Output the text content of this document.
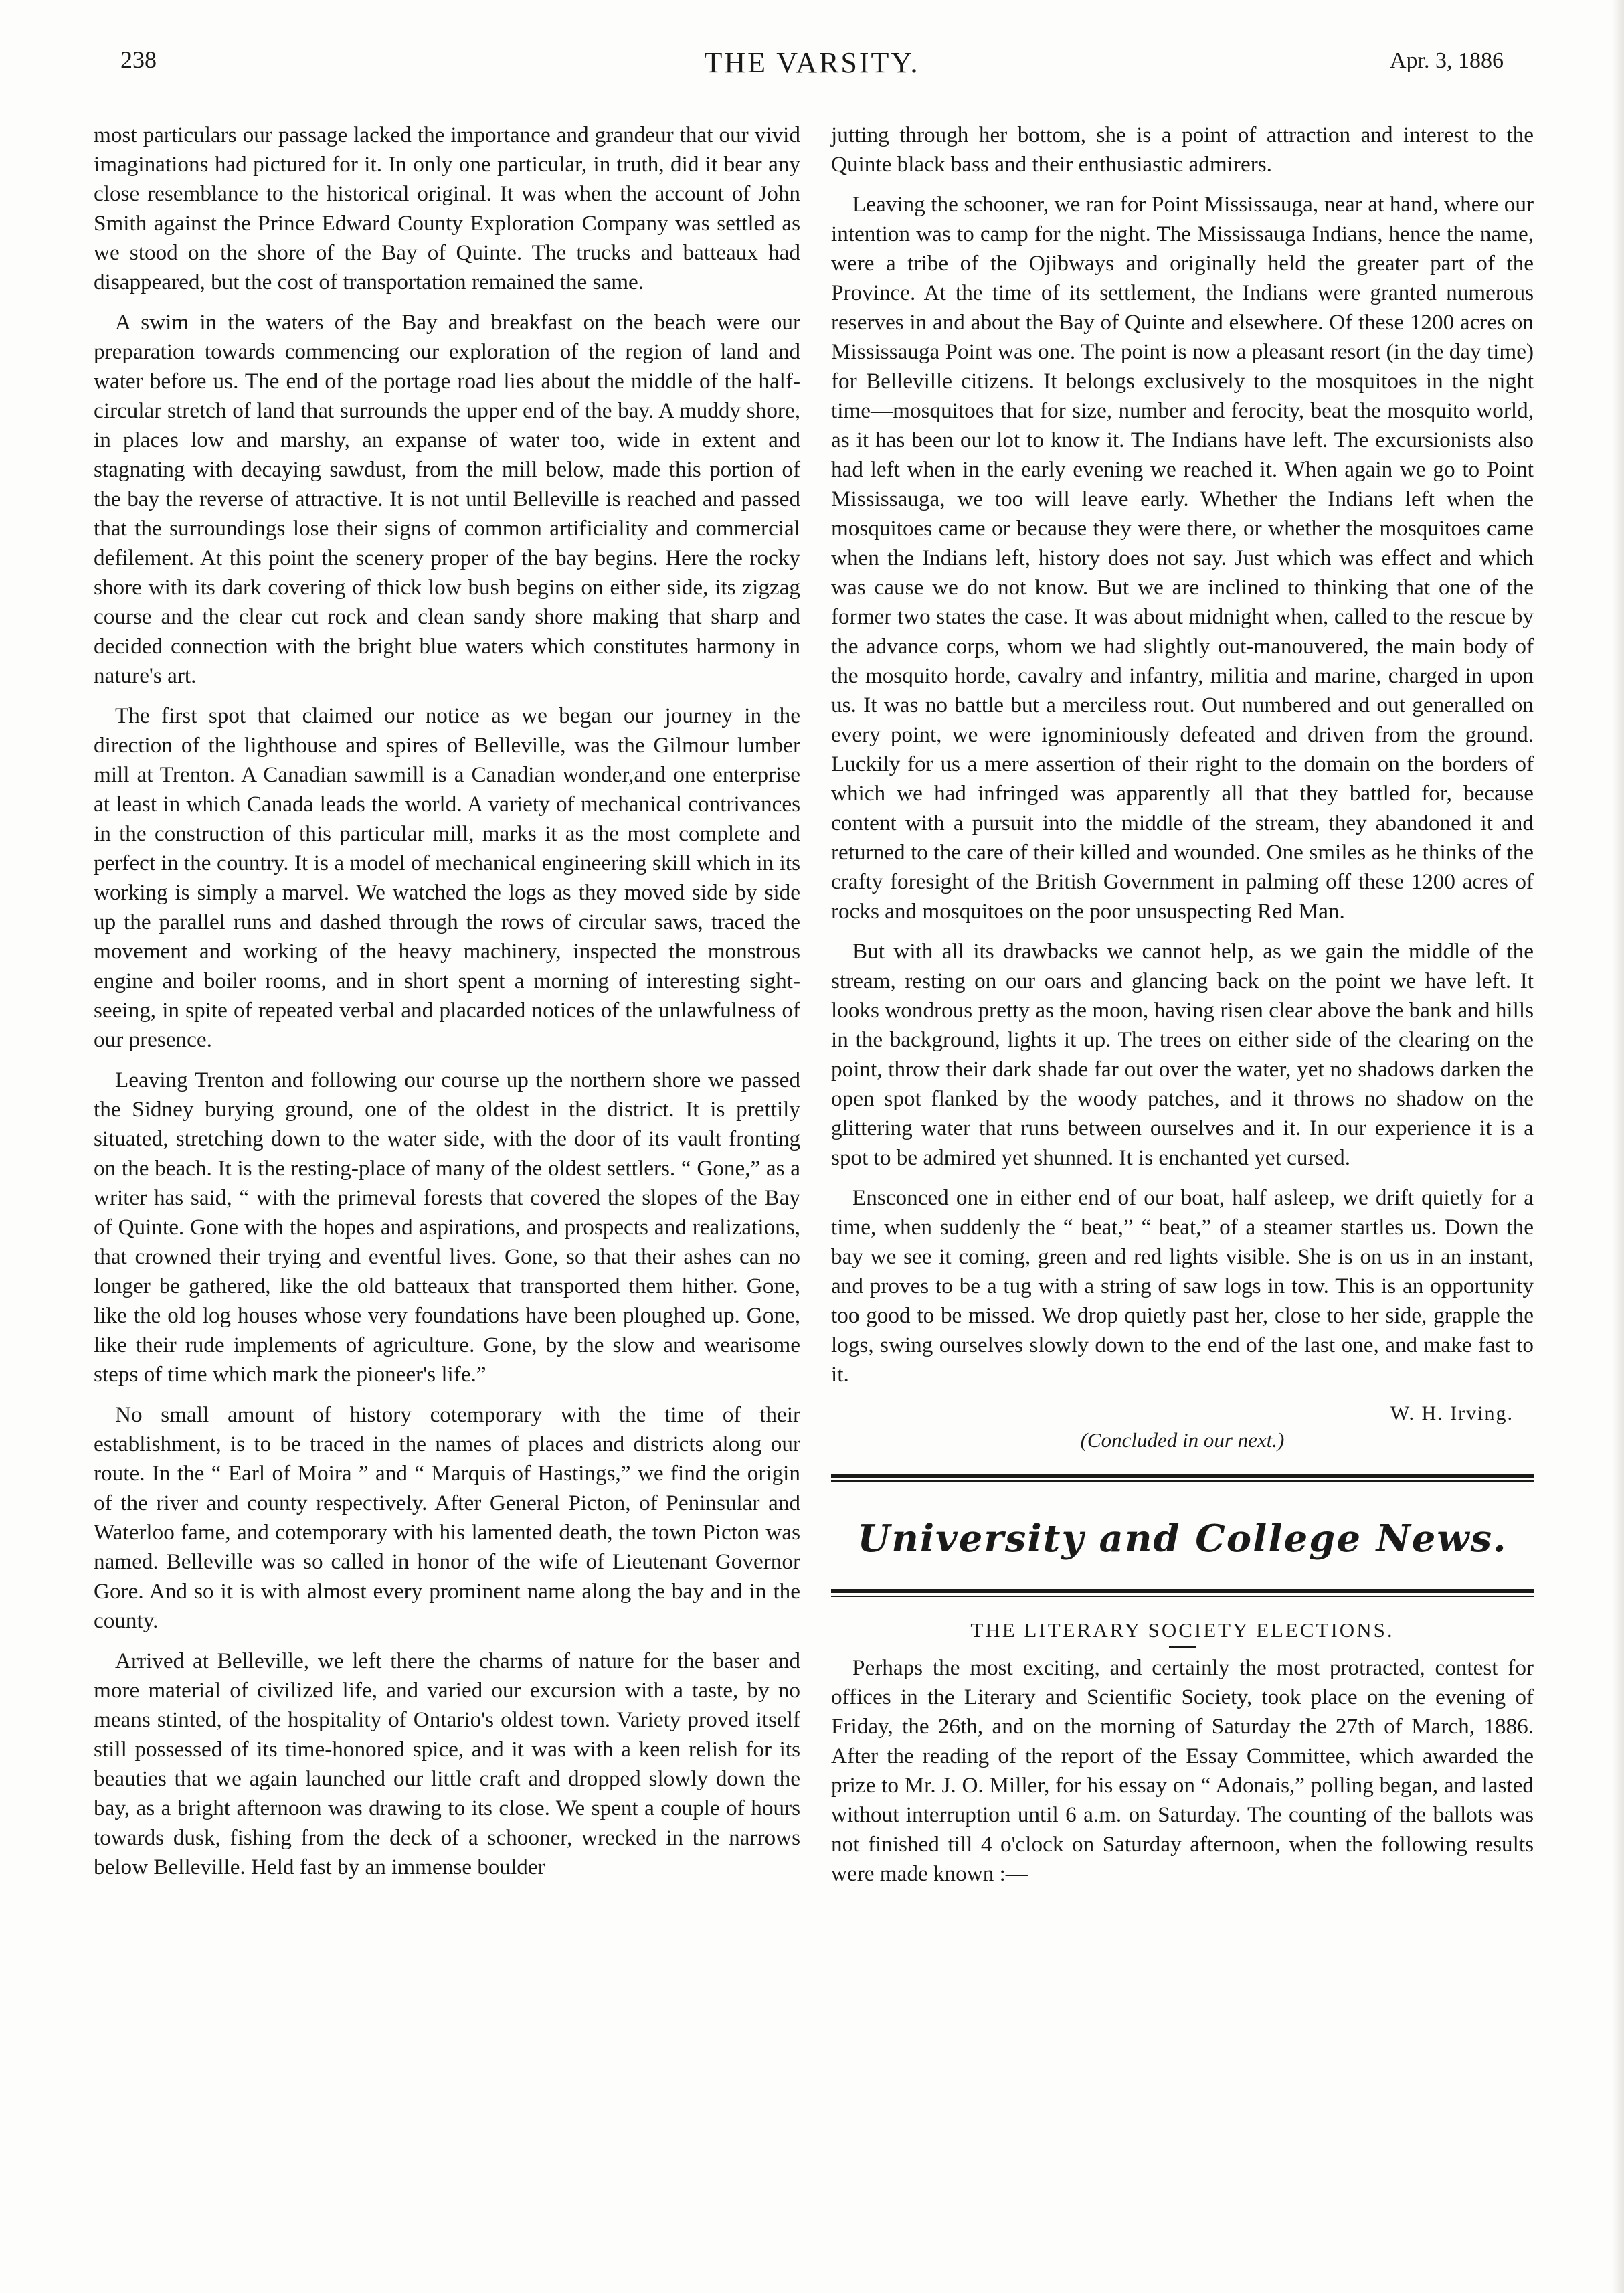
238	THE VARSITY.	Apr. 3, 1886

most particulars our passage lacked the importance and grandeur that our vivid imaginations had pictured for it. In only one particular, in truth, did it bear any close resemblance to the historical original. It was when the account of John Smith against the Prince Edward County Exploration Company was settled as we stood on the shore of the Bay of Quinte. The trucks and batteaux had disappeared, but the cost of transportation remained the same.

A swim in the waters of the Bay and breakfast on the beach were our preparation towards commencing our exploration of the region of land and water before us. The end of the portage road lies about the middle of the half-circular stretch of land that surrounds the upper end of the bay. A muddy shore, in places low and marshy, an expanse of water too, wide in extent and stagnating with decaying sawdust, from the mill below, made this portion of the bay the reverse of attractive. It is not until Belleville is reached and passed that the surroundings lose their signs of common artificiality and commercial defilement. At this point the scenery proper of the bay begins. Here the rocky shore with its dark covering of thick low bush begins on either side, its zigzag course and the clear cut rock and clean sandy shore making that sharp and decided connection with the bright blue waters which constitutes harmony in nature's art.

The first spot that claimed our notice as we began our journey in the direction of the lighthouse and spires of Belleville, was the Gilmour lumber mill at Trenton. A Canadian sawmill is a Canadian wonder,and one enterprise at least in which Canada leads the world. A variety of mechanical contrivances in the construction of this particular mill, marks it as the most complete and perfect in the country. It is a model of mechanical engineering skill which in its working is simply a marvel. We watched the logs as they moved side by side up the parallel runs and dashed through the rows of circular saws, traced the movement and working of the heavy machinery, inspected the monstrous engine and boiler rooms, and in short spent a morning of interesting sight-seeing, in spite of repeated verbal and placarded notices of the unlawfulness of our presence.

Leaving Trenton and following our course up the northern shore we passed the Sidney burying ground, one of the oldest in the district. It is prettily situated, stretching down to the water side, with the door of its vault fronting on the beach. It is the resting-place of many of the oldest settlers. “ Gone,” as a writer has said, “ with the primeval forests that covered the slopes of the Bay of Quinte. Gone with the hopes and aspirations, and prospects and realizations, that crowned their trying and eventful lives. Gone, so that their ashes can no longer be gathered, like the old batteaux that transported them hither. Gone, like the old log houses whose very foundations have been ploughed up. Gone, like their rude implements of agriculture. Gone, by the slow and wearisome steps of time which mark the pioneer's life.”

No small amount of history cotemporary with the time of their establishment, is to be traced in the names of places and districts along our route. In the “ Earl of Moira ” and “ Marquis of Hastings,” we find the origin of the river and county respectively. After General Picton, of Peninsular and Waterloo fame, and cotemporary with his lamented death, the town Picton was named. Belleville was so called in honor of the wife of Lieutenant Governor Gore. And so it is with almost every prominent name along the bay and in the county.

Arrived at Belleville, we left there the charms of nature for the baser and more material of civilized life, and varied our excursion with a taste, by no means stinted, of the hospitality of Ontario's oldest town. Variety proved itself still possessed of its time-honored spice, and it was with a keen relish for its beauties that we again launched our little craft and dropped slowly down the bay, as a bright afternoon was drawing to its close. We spent a couple of hours towards dusk, fishing from the deck of a schooner, wrecked in the narrows below Belleville. Held fast by an immense boulder

jutting through her bottom, she is a point of attraction and interest to the Quinte black bass and their enthusiastic admirers.

Leaving the schooner, we ran for Point Mississauga, near at hand, where our intention was to camp for the night. The Mississauga Indians, hence the name, were a tribe of the Ojibways and originally held the greater part of the Province. At the time of its settlement, the Indians were granted numerous reserves in and about the Bay of Quinte and elsewhere. Of these 1200 acres on Mississauga Point was one. The point is now a pleasant resort (in the day time) for Belleville citizens. It belongs exclusively to the mosquitoes in the night time—mosquitoes that for size, number and ferocity, beat the mosquito world, as it has been our lot to know it. The Indians have left. The excursionists also had left when in the early evening we reached it. When again we go to Point Mississauga, we too will leave early. Whether the Indians left when the mosquitoes came or because they were there, or whether the mosquitoes came when the Indians left, history does not say. Just which was effect and which was cause we do not know. But we are inclined to thinking that one of the former two states the case. It was about midnight when, called to the rescue by the advance corps, whom we had slightly out-manouvered, the main body of the mosquito horde, cavalry and infantry, militia and marine, charged in upon us. It was no battle but a merciless rout. Out numbered and out generalled on every point, we were ignominiously defeated and driven from the ground. Luckily for us a mere assertion of their right to the domain on the borders of which we had infringed was apparently all that they battled for, because content with a pursuit into the middle of the stream, they abandoned it and returned to the care of their killed and wounded. One smiles as he thinks of the crafty foresight of the British Government in palming off these 1200 acres of rocks and mosquitoes on the poor unsuspecting Red Man.

But with all its drawbacks we cannot help, as we gain the middle of the stream, resting on our oars and glancing back on the point we have left. It looks wondrous pretty as the moon, having risen clear above the bank and hills in the background, lights it up. The trees on either side of the clearing on the point, throw their dark shade far out over the water, yet no shadows darken the open spot flanked by the woody patches, and it throws no shadow on the glittering water that runs between ourselves and it. In our experience it is a spot to be admired yet shunned. It is enchanted yet cursed.

Ensconced one in either end of our boat, half asleep, we drift quietly for a time, when suddenly the “ beat,” “ beat,” of a steamer startles us. Down the bay we see it coming, green and red lights visible. She is on us in an instant, and proves to be a tug with a string of saw logs in tow. This is an opportunity too good to be missed. We drop quietly past her, close to her side, grapple the logs, swing ourselves slowly down to the end of the last one, and make fast to it.

W. H. Irving.
(Concluded in our next.)
University and College News.
THE LITERARY SOCIETY ELECTIONS.

Perhaps the most exciting, and certainly the most protracted, contest for offices in the Literary and Scientific Society, took place on the evening of Friday, the 26th, and on the morning of Saturday the 27th of March, 1886. After the reading of the report of the Essay Committee, which awarded the prize to Mr. J. O. Miller, for his essay on “ Adonais,” polling began, and lasted without interruption until 6 a.m. on Saturday. The counting of the ballots was not finished till 4 o'clock on Saturday afternoon, when the following results were made known :—
